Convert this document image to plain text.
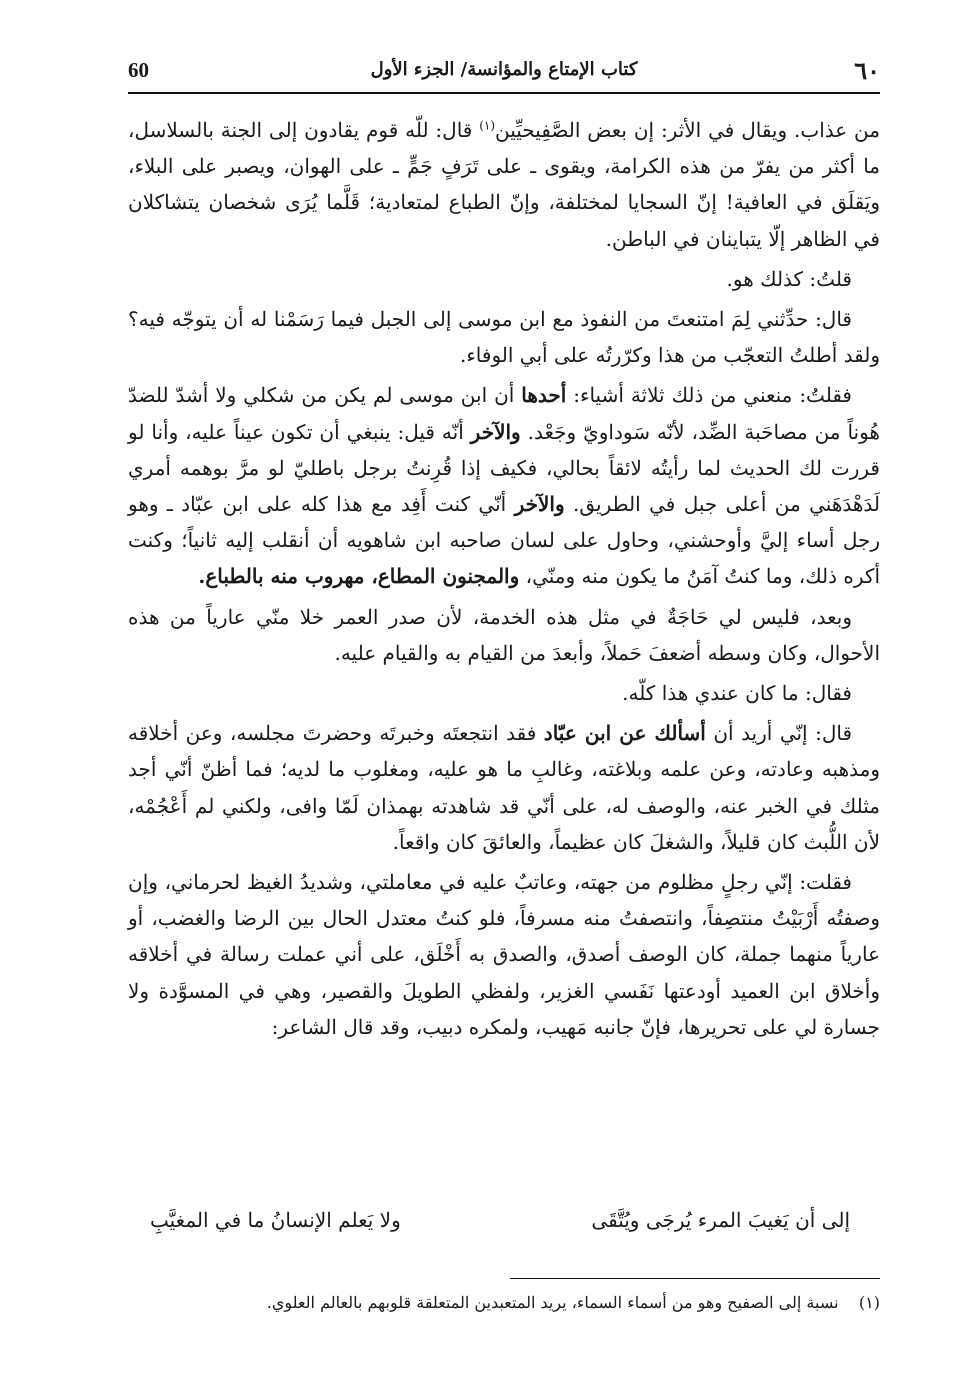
٦٠
كتاب الإمتاع والمؤانسة/ الجزء الأول
60

من عذاب. ويقال في الأثر: إن بعض الصَّفِيحيِّين$^{(١)}$ قال: للّه قوم يقادون إلى الجنة بالسلاسل، ما أكثر من يفرّ من هذه الكرامة، ويقوى ـ على تَرَفٍ جَمٍّ ـ على الهوان، ويصبر على البلاء، ويَقلَق في العافية! إنّ السجايا لمختلفة، وإنّ الطباع لمتعادية؛ قَلَّما يُرَى شخصان يتشاكلان في الظاهر إلّا يتباينان في الباطن.

قلتُ: كذلك هو.

قال: حدِّثني لِمَ امتنعتَ من النفوذ مع ابن موسى إلى الجبل فيما رَسَمْنا له أن يتوجّه فيه؟ ولقد أطلتُ التعجّب من هذا وكرّرتُه على أبي الوفاء.

فقلتُ: منعني من ذلك ثلاثة أشياء: أحدها أن ابن موسى لم يكن من شكلي ولا أشدّ للضدّ هُوناً من مصاحَبة الضِّد، لأنّه سَوداويّ وجَعْد. والآخر أنّه قيل: ينبغي أن تكون عيناً عليه، وأنا لو قررت لك الحديث لما رأيتُه لائقاً بحالي، فكيف إذا قُرِنتُ برجل باطليّ لو مرَّ بوهمه أمري لَدَهْدَهَني من أعلى جبل في الطريق. والآخر أنّي كنت أَفِد مع هذا كله على ابن عبّاد ـ وهو رجل أساء إليَّ وأوحشني، وحاول على لسان صاحبه ابن شاهويه أن أنقلب إليه ثانياً؛ وكنت أكره ذلك، وما كنتُ آمَنُ ما يكون منه ومنّي، والمجنون المطاع، مهروب منه بالطباع.

وبعد، فليس لي حَاجَةٌ في مثل هذه الخدمة، لأن صدر العمر خلا منّي عارياً من هذه الأحوال، وكان وسطه أضعفَ حَملاً، وأبعدَ من القيام به والقيام عليه.

فقال: ما كان عندي هذا كلّه.

قال: إنّي أريد أن أسألك عن ابن عبّاد فقد انتجعتَه وخبرتَه وحضرتَ مجلسه، وعن أخلاقه ومذهبه وعادته، وعن علمه وبلاغته، وغالبِ ما هو عليه، ومغلوب ما لديه؛ فما أظنّ أنّي أجد مثلك في الخبر عنه، والوصف له، على أنّي قد شاهدته بهمذان لَمّا وافى، ولكني لم أَعْجُمْه، لأن اللُّبث كان قليلاً، والشغلَ كان عظيماً، والعائقَ كان واقعاً.

فقلت: إنّي رجلٍ مظلوم من جهته، وعاتبٌ عليه في معاملتي، وشديدُ الغيظ لحرماني، وإن وصفتُه أَرْبَيْتُ منتصِفاً، وانتصفتُ منه مسرفاً، فلو كنتُ معتدل الحال بين الرضا والغضب، أو عارياً منهما جملة، كان الوصف أصدق، والصدق به أَخْلَق، على أني عملت رسالة في أخلاقه وأخلاق ابن العميد أودعتها نَفَسي الغزير، ولفظي الطويلَ والقصير، وهي في المسوَّدة ولا جسارة لي على تحريرها، فإنّ جانبه مَهيب، ولمكره دبيب، وقد قال الشاعر:

إلى أن يَغيبَ المرء يُرجَى ويُتَّقَى
ولا يَعلم الإنسانُ ما في المغيَّبِ
(١)    نسبة إلى الصفيح وهو من أسماء السماء، يريد المتعبدين المتعلقة قلوبهم بالعالم العلوي.
